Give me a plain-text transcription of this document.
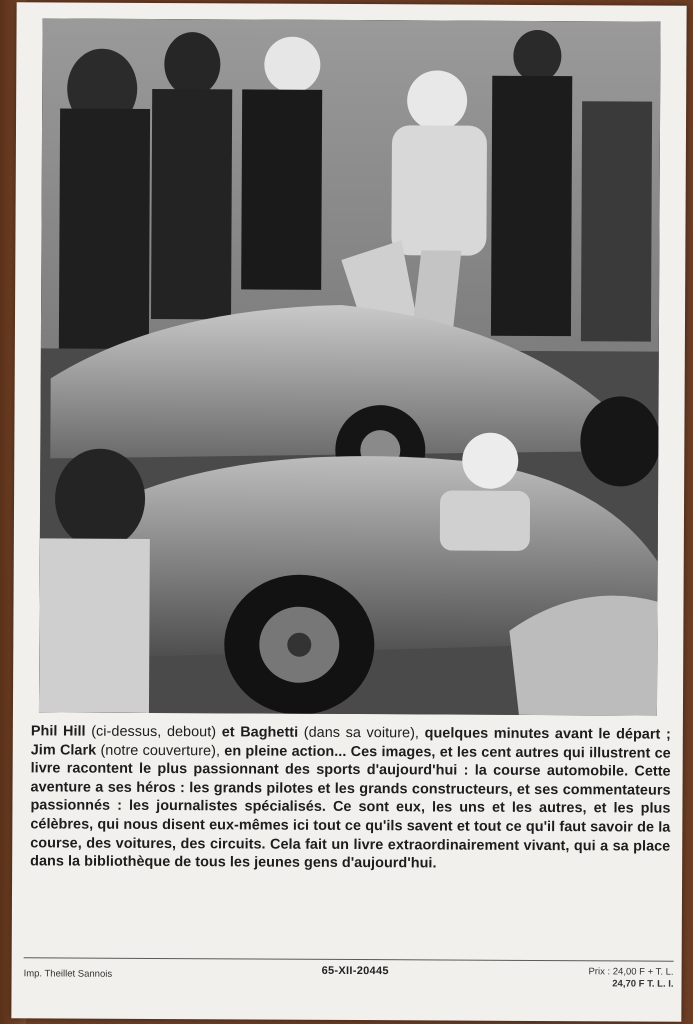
Phil Hill (ci-dessus, debout) et Baghetti (dans sa voiture), quelques minutes avant le départ ; Jim Clark (notre couverture), en pleine action... Ces images, et les cent autres qui illustrent ce livre racontent le plus passionnant des sports d'aujourd'hui : la course automobile. Cette aventure a ses héros : les grands pilotes et les grands constructeurs, et ses commentateurs passionnés : les journalistes spécialisés. Ce sont eux, les uns et les autres, et les plus célèbres, qui nous disent eux-mêmes ici tout ce qu'ils savent et tout ce qu'il faut savoir de la course, des voitures, des circuits. Cela fait un livre extraordinairement vivant, qui a sa place dans la bibliothèque de tous les jeunes gens d'aujourd'hui.
Imp. Theillet Sannois	65-XII-20445	Prix : 24,00 F + T. L.
24,70 F T. L. I.
